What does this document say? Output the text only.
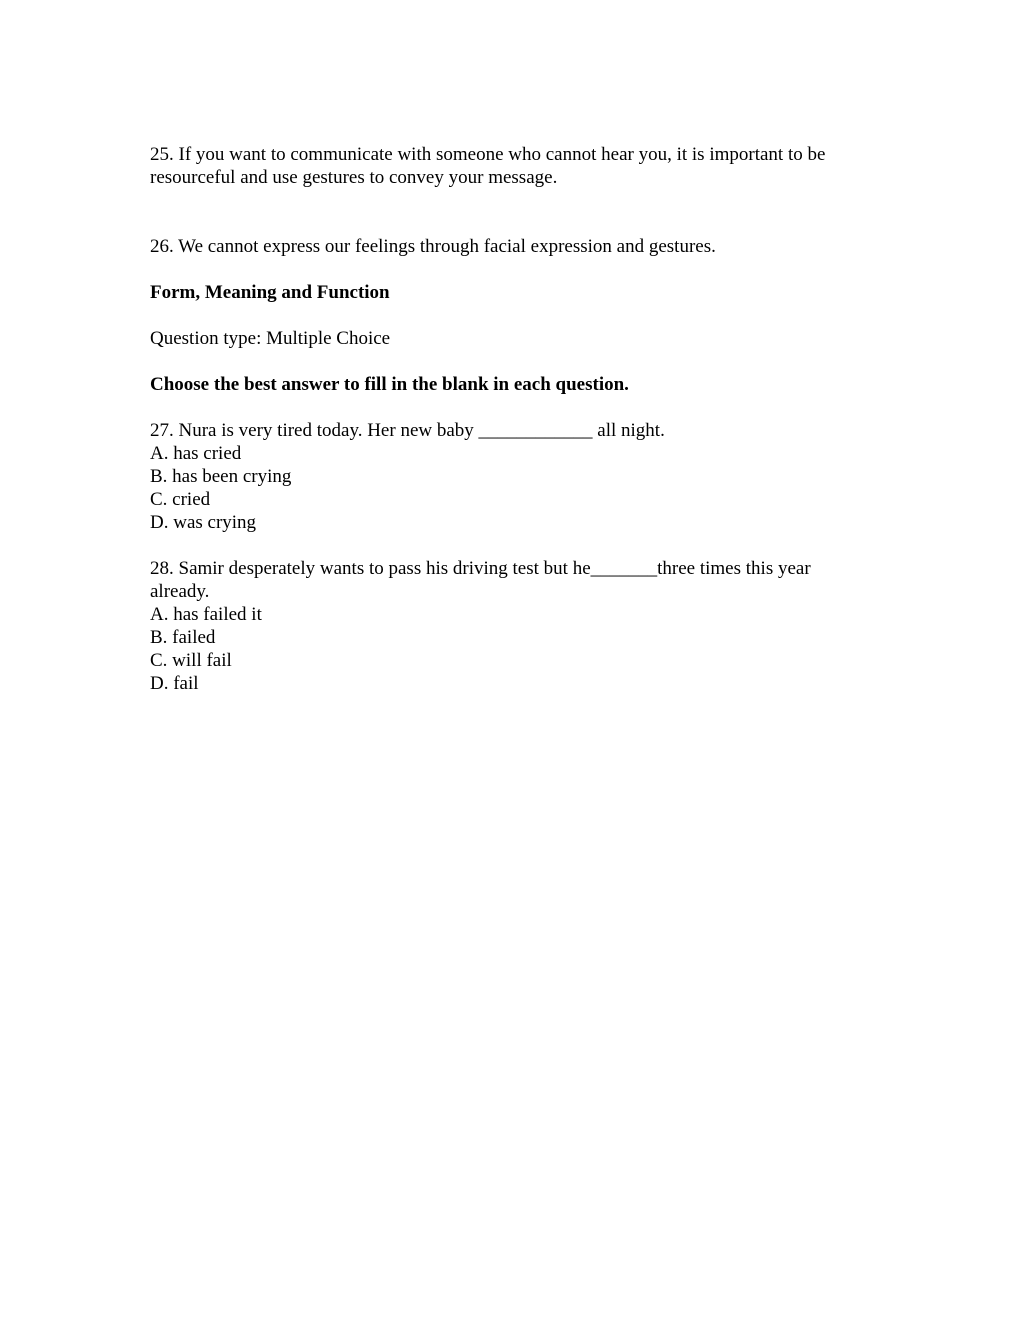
25. If you want to communicate with someone who cannot hear you, it is important to be
resourceful and use gestures to convey your message.
26. We cannot express our feelings through facial expression and gestures.
Form, Meaning and Function
Question type: Multiple Choice
Choose the best answer to fill in the blank in each question.
27. Nura is very tired today. Her new baby ____________ all night.
A. has cried
B. has been crying
C. cried
D. was crying
28. Samir desperately wants to pass his driving test but he_______three times this year
already.
A. has failed it
B. failed
C. will fail
D. fail
